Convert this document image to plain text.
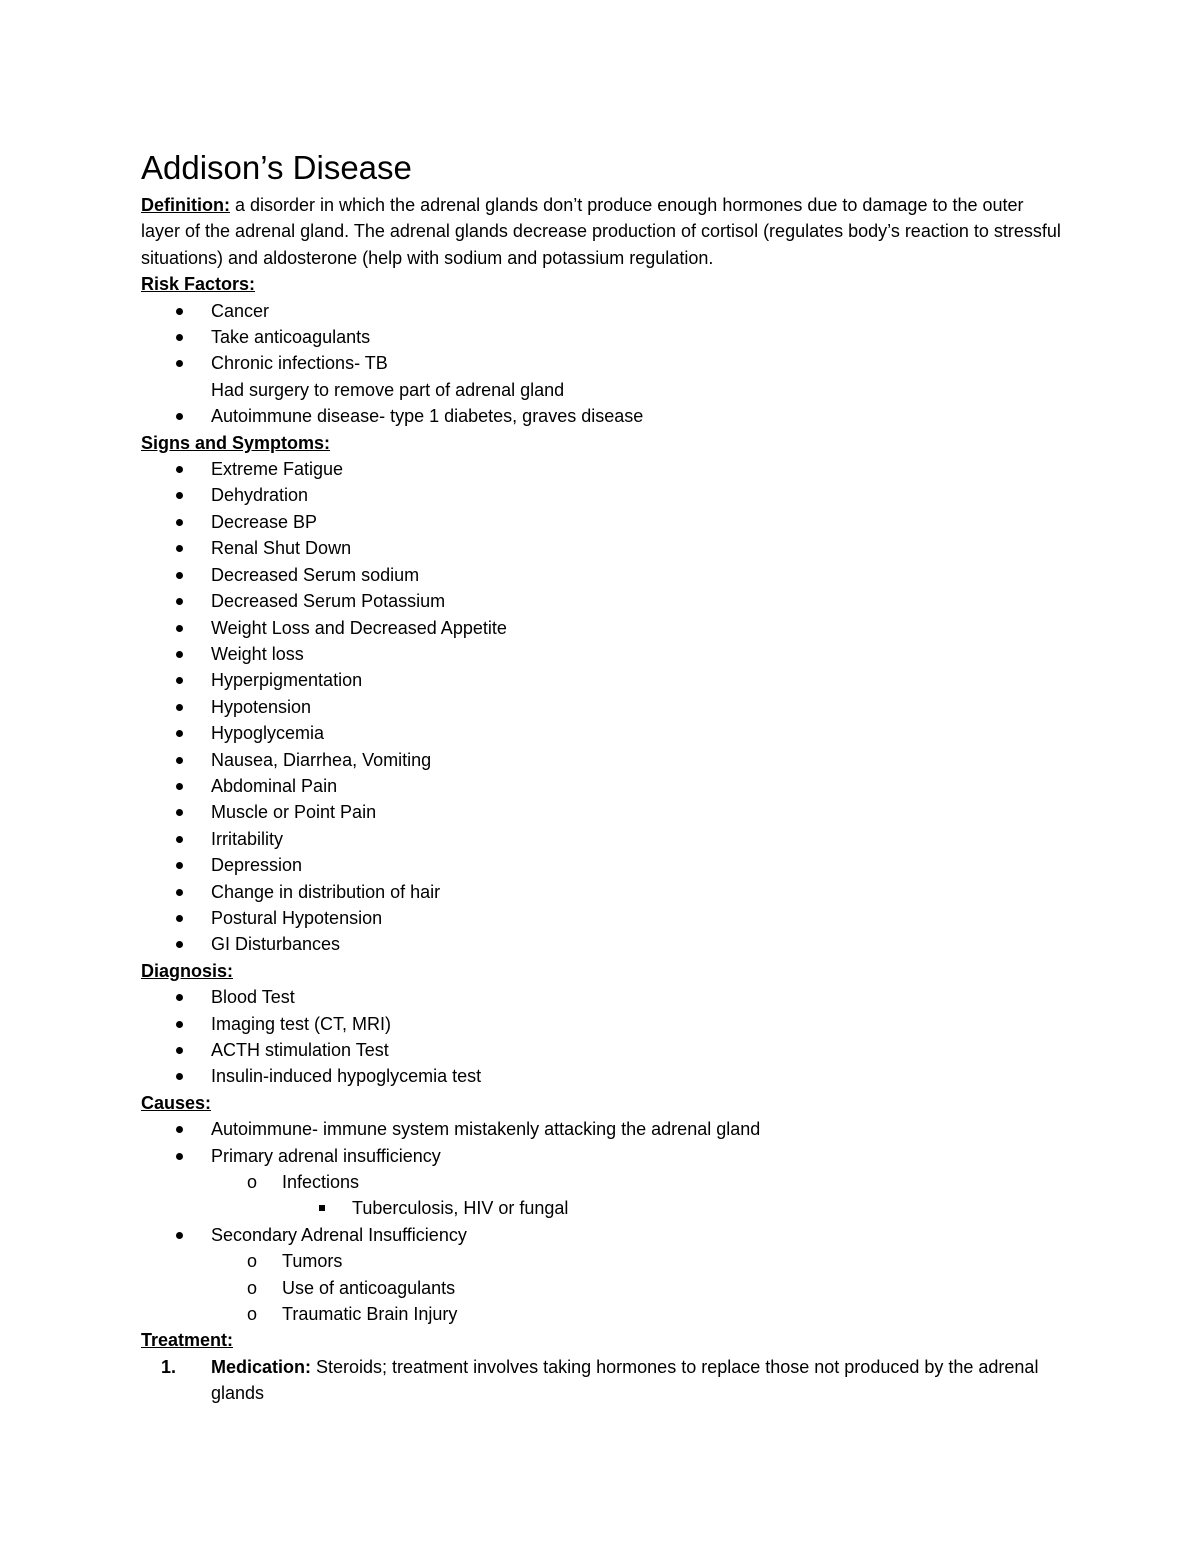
Addison’s Disease

Definition: a disorder in which the adrenal glands don’t produce enough hormones due to damage to the outer layer of the adrenal gland. The adrenal glands decrease production of cortisol (regulates body’s reaction to stressful situations) and aldosterone (help with sodium and potassium regulation.

Risk Factors:
Cancer
Take anticoagulants
Chronic infections- TB
Had surgery to remove part of adrenal gland
Autoimmune disease- type 1 diabetes, graves disease
Signs and Symptoms:
Extreme Fatigue
Dehydration
Decrease BP
Renal Shut Down
Decreased Serum sodium
Decreased Serum Potassium
Weight Loss and Decreased Appetite
Weight loss
Hyperpigmentation
Hypotension
Hypoglycemia
Nausea, Diarrhea, Vomiting
Abdominal Pain
Muscle or Point Pain
Irritability
Depression
Change in distribution of hair
Postural Hypotension
GI Disturbances
Diagnosis:
Blood Test
Imaging test (CT, MRI)
ACTH stimulation Test
Insulin-induced hypoglycemia test
Causes:
Autoimmune- immune system mistakenly attacking the adrenal gland
Primary adrenal insufficiency
o Infections
Tuberculosis, HIV or fungal
Secondary Adrenal Insufficiency
o Tumors
o Use of anticoagulants
o Traumatic Brain Injury
Treatment:
1. Medication: Steroids; treatment involves taking hormones to replace those not produced by the adrenal glands
